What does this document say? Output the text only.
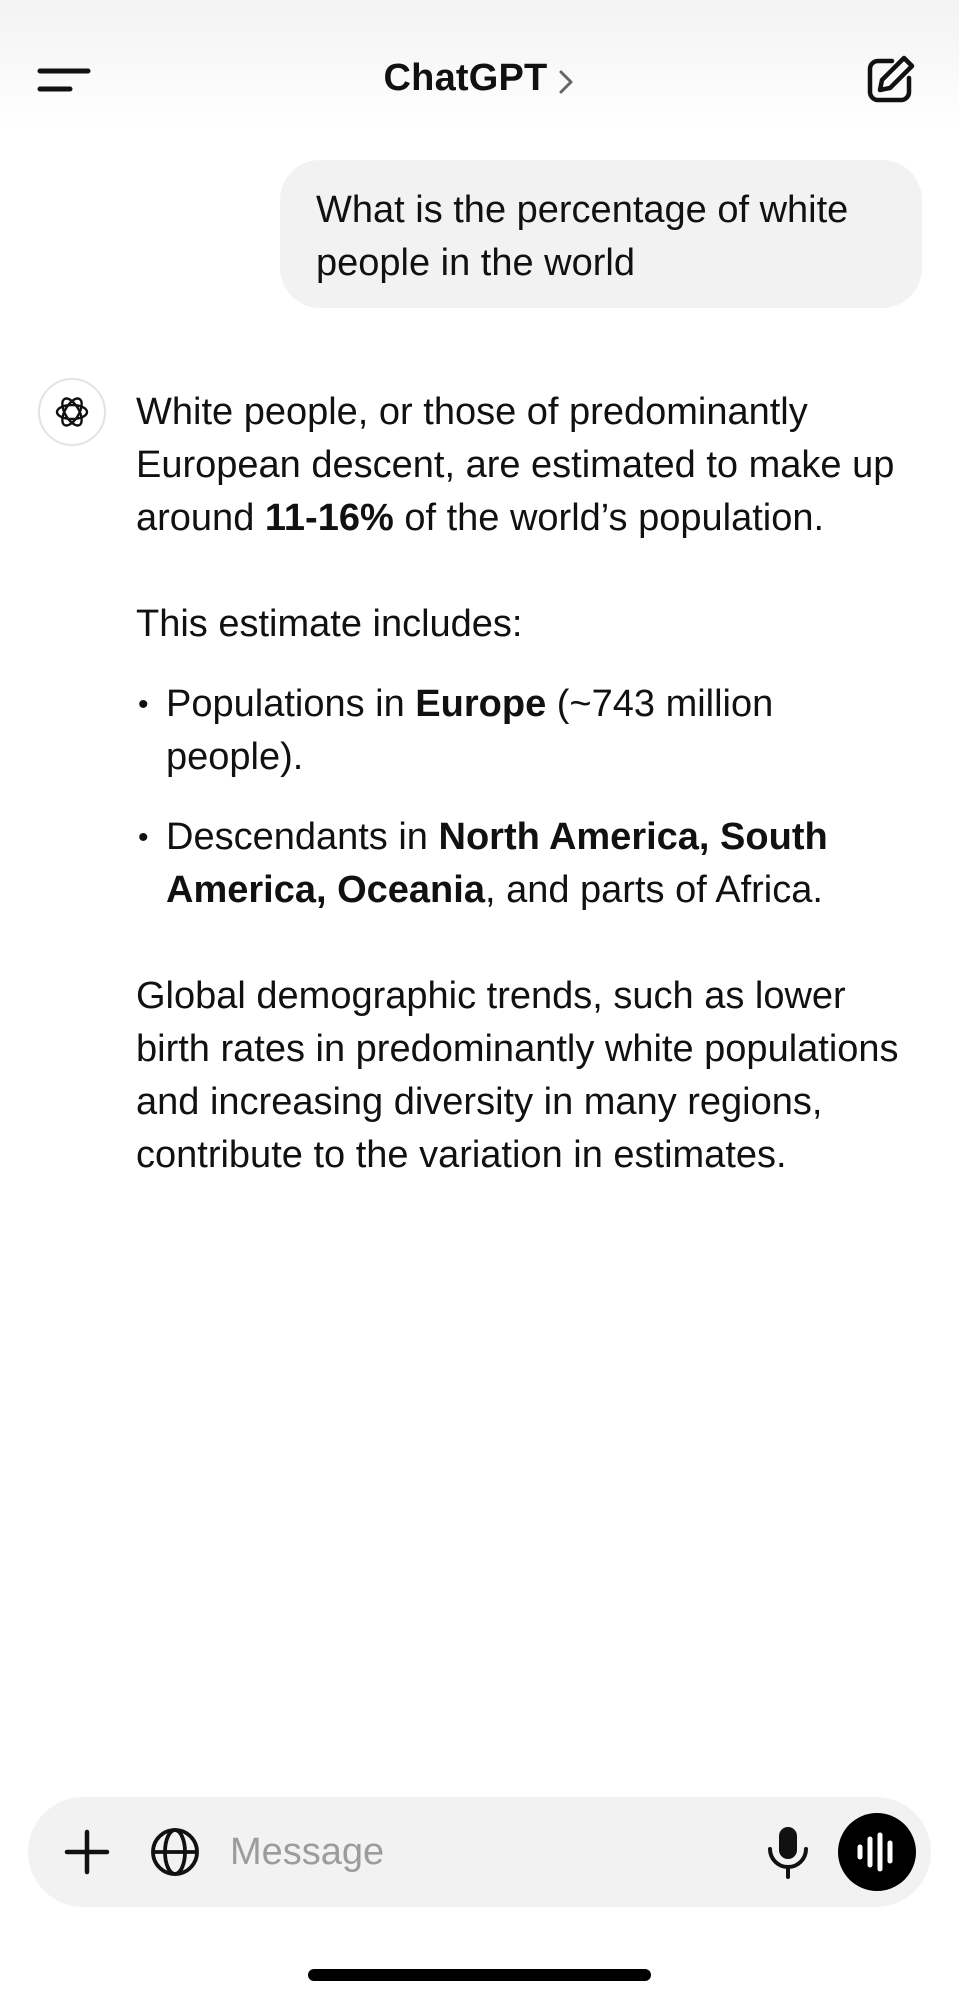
ChatGPT
What is the percentage of white people in the world

White people, or those of predominantly European descent, are estimated to make up around 11-16% of the world’s population.

This estimate includes:

• Populations in Europe (~743 million people).
• Descendants in North America, South America, Oceania, and parts of Africa.

Global demographic trends, such as lower birth rates in predominantly white populations and increasing diversity in many regions, contribute to the variation in estimates.

Message
